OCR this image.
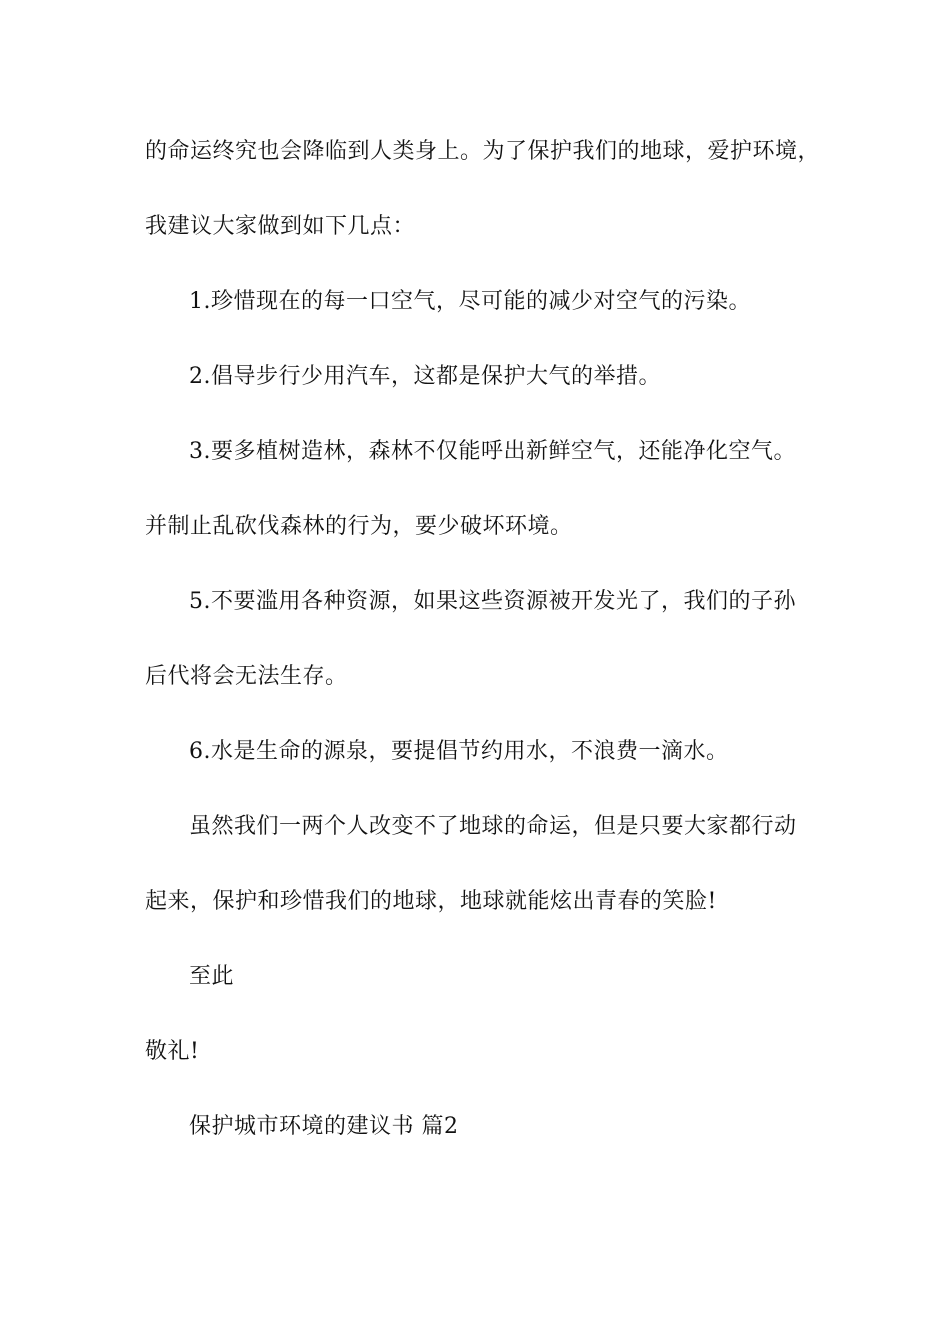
的命运终究也会降临到人类身上。为了保护我们的地球，爱护环境，
我建议大家做到如下几点：
1.珍惜现在的每一口空气，尽可能的减少对空气的污染。
2.倡导步行少用汽车，这都是保护大气的举措。
3.要多植树造林，森林不仅能呼出新鲜空气，还能净化空气。
并制止乱砍伐森林的行为，要少破坏环境。
5.不要滥用各种资源，如果这些资源被开发光了，我们的子孙
后代将会无法生存。
6.水是生命的源泉，要提倡节约用水，不浪费一滴水。
虽然我们一两个人改变不了地球的命运，但是只要大家都行动
起来，保护和珍惜我们的地球，地球就能炫出青春的笑脸!
至此
敬礼!
保护城市环境的建议书 篇2
